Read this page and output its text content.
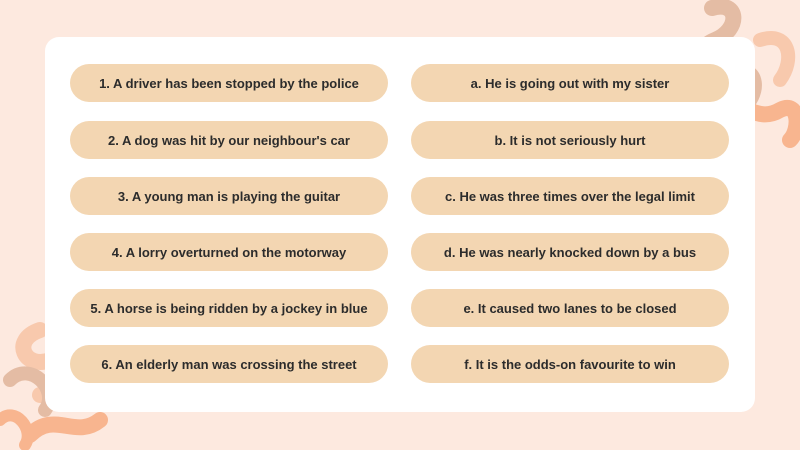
1. A driver has been stopped by the police
2. A dog was hit by our neighbour's car
3. A young man is playing the guitar
4. A lorry overturned on the motorway
5. A horse is being ridden by a jockey in blue
6. An elderly man was crossing the street
a. He is going out with my sister
b. It is not seriously hurt
c. He was three times over the legal limit
d. He was nearly knocked down by a bus
e. It caused two lanes to be closed
f. It is the odds-on favourite to win
